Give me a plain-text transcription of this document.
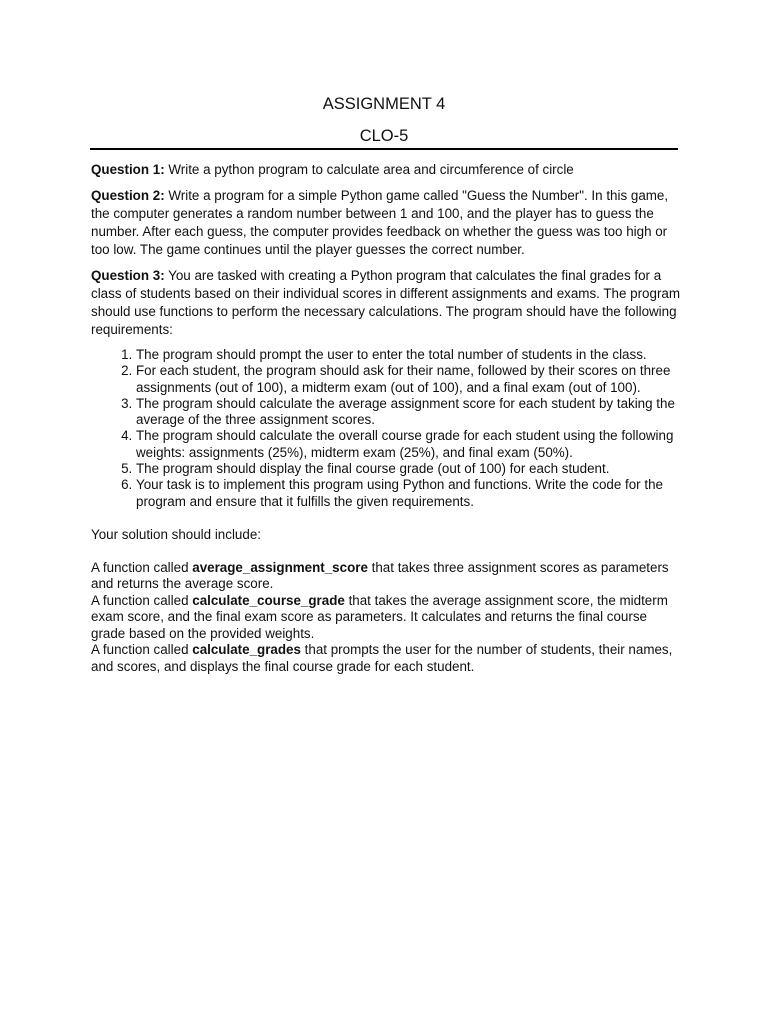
ASSIGNMENT 4
CLO-5

Question 1: Write a python program to calculate area and circumference of circle

Question 2: Write a program for a simple Python game called "Guess the Number". In this game, the computer generates a random number between 1 and 100, and the player has to guess the number. After each guess, the computer provides feedback on whether the guess was too high or too low. The game continues until the player guesses the correct number.

Question 3: You are tasked with creating a Python program that calculates the final grades for a class of students based on their individual scores in different assignments and exams. The program should use functions to perform the necessary calculations. The program should have the following requirements:

1. The program should prompt the user to enter the total number of students in the class.
2. For each student, the program should ask for their name, followed by their scores on three assignments (out of 100), a midterm exam (out of 100), and a final exam (out of 100).
3. The program should calculate the average assignment score for each student by taking the average of the three assignment scores.
4. The program should calculate the overall course grade for each student using the following weights: assignments (25%), midterm exam (25%), and final exam (50%).
5. The program should display the final course grade (out of 100) for each student.
6. Your task is to implement this program using Python and functions. Write the code for the program and ensure that it fulfills the given requirements.

Your solution should include:

A function called average_assignment_score that takes three assignment scores as parameters and returns the average score.

A function called calculate_course_grade that takes the average assignment score, the midterm exam score, and the final exam score as parameters. It calculates and returns the final course grade based on the provided weights.

A function called calculate_grades that prompts the user for the number of students, their names, and scores, and displays the final course grade for each student.
